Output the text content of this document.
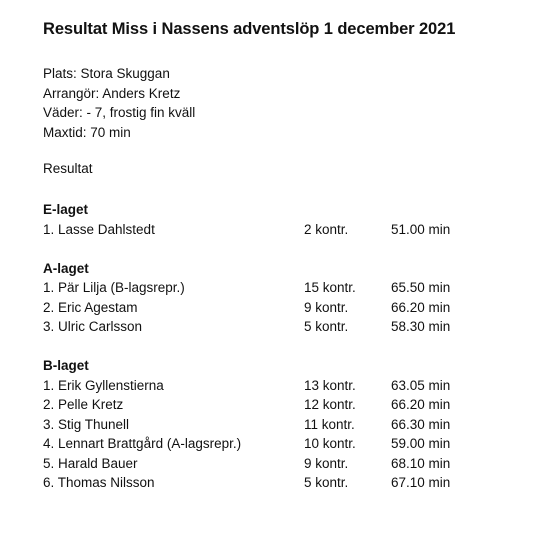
Resultat Miss i Nassens adventslöp 1 december 2021
Plats: Stora Skuggan
Arrangör: Anders Kretz
Väder: - 7, frostig fin kväll
Maxtid: 70 min
Resultat
E-laget
1. Lasse Dahlstedt	2 kontr.	51.00 min
A-laget
1. Pär Lilja (B-lagsrepr.)	15 kontr.	65.50 min
2. Eric Agestam	9 kontr.	66.20 min
3. Ulric Carlsson	5 kontr.	58.30 min
B-laget
1. Erik Gyllenstierna	13 kontr.	63.05 min
2. Pelle Kretz	12 kontr.	66.20 min
3. Stig Thunell	11 kontr.	66.30 min
4. Lennart Brattgård (A-lagsrepr.)	10 kontr.	59.00 min
5. Harald Bauer	9 kontr.	68.10 min
6. Thomas Nilsson	5 kontr.	67.10 min
